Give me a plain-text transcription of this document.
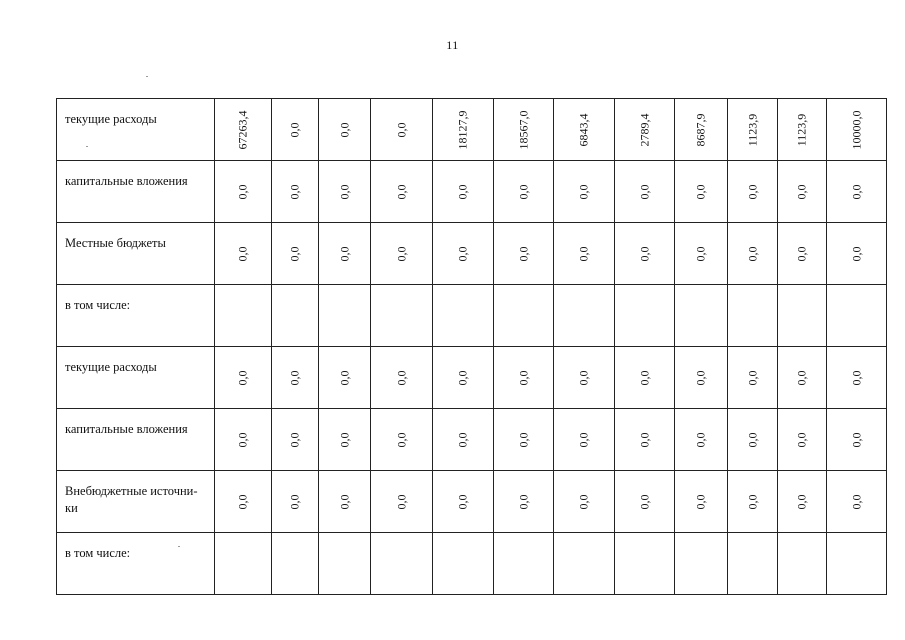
11
текущие расходы	67263,4	0,0	0,0	0,0	18127,9	18567,0	6843,4	2789,4	8687,9	1123,9	1123,9	10000,0

капитальные вложения	0,0	0,0	0,0	0,0	0,0	0,0	0,0	0,0	0,0	0,0	0,0	0,0

Местные бюджеты	0,0	0,0	0,0	0,0	0,0	0,0	0,0	0,0	0,0	0,0	0,0	0,0

в том числе:	

текущие расходы	0,0	0,0	0,0	0,0	0,0	0,0	0,0	0,0	0,0	0,0	0,0	0,0

капитальные вложения	0,0	0,0	0,0	0,0	0,0	0,0	0,0	0,0	0,0	0,0	0,0	0,0

Внебюджетные источни-ки	0,0	0,0	0,0	0,0	0,0	0,0	0,0	0,0	0,0	0,0	0,0	0,0

в том числе:	
